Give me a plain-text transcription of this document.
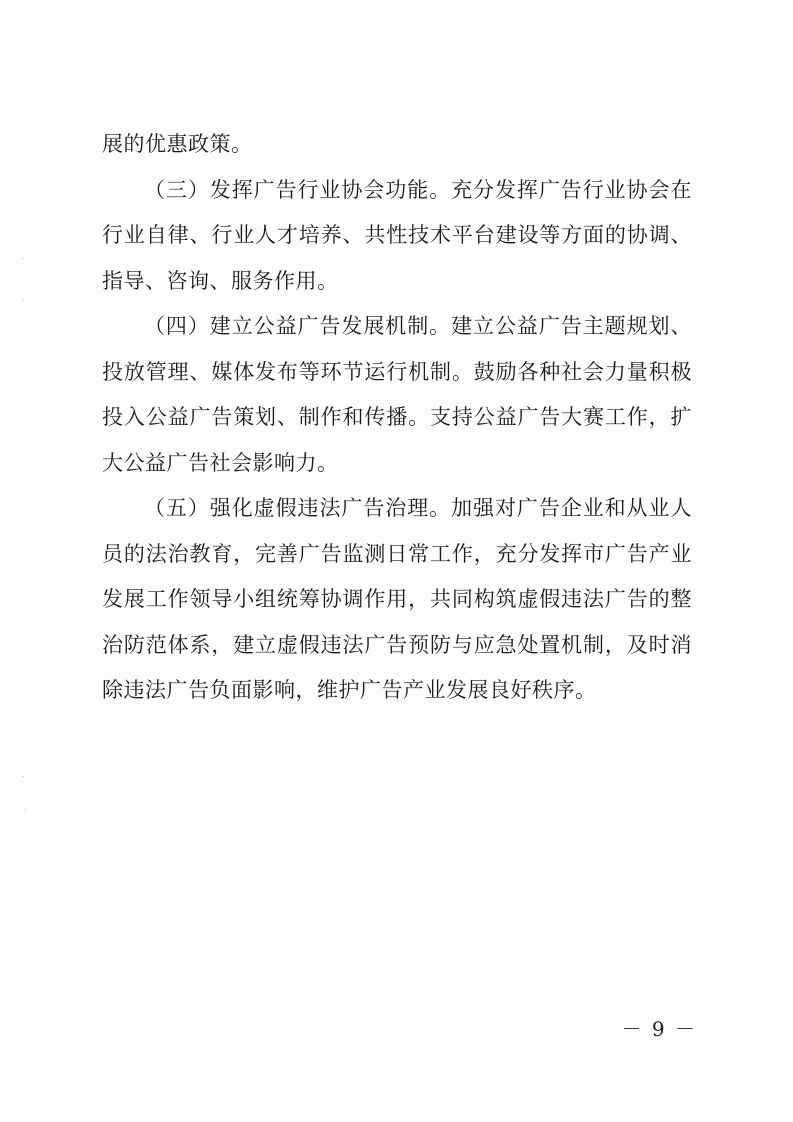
·
·
·
·

展的优惠政策。

（三）发挥广告行业协会功能。充分发挥广告行业协会在行业自律、行业人才培养、共性技术平台建设等方面的协调、指导、咨询、服务作用。

（四）建立公益广告发展机制。建立公益广告主题规划、投放管理、媒体发布等环节运行机制。鼓励各种社会力量积极投入公益广告策划、制作和传播。支持公益广告大赛工作，扩大公益广告社会影响力。

（五）强化虚假违法广告治理。加强对广告企业和从业人员的法治教育，完善广告监测日常工作，充分发挥市广告产业发展工作领导小组统筹协调作用，共同构筑虚假违法广告的整治防范体系，建立虚假违法广告预防与应急处置机制，及时消除违法广告负面影响，维护广告产业发展良好秩序。

－ 9 －
